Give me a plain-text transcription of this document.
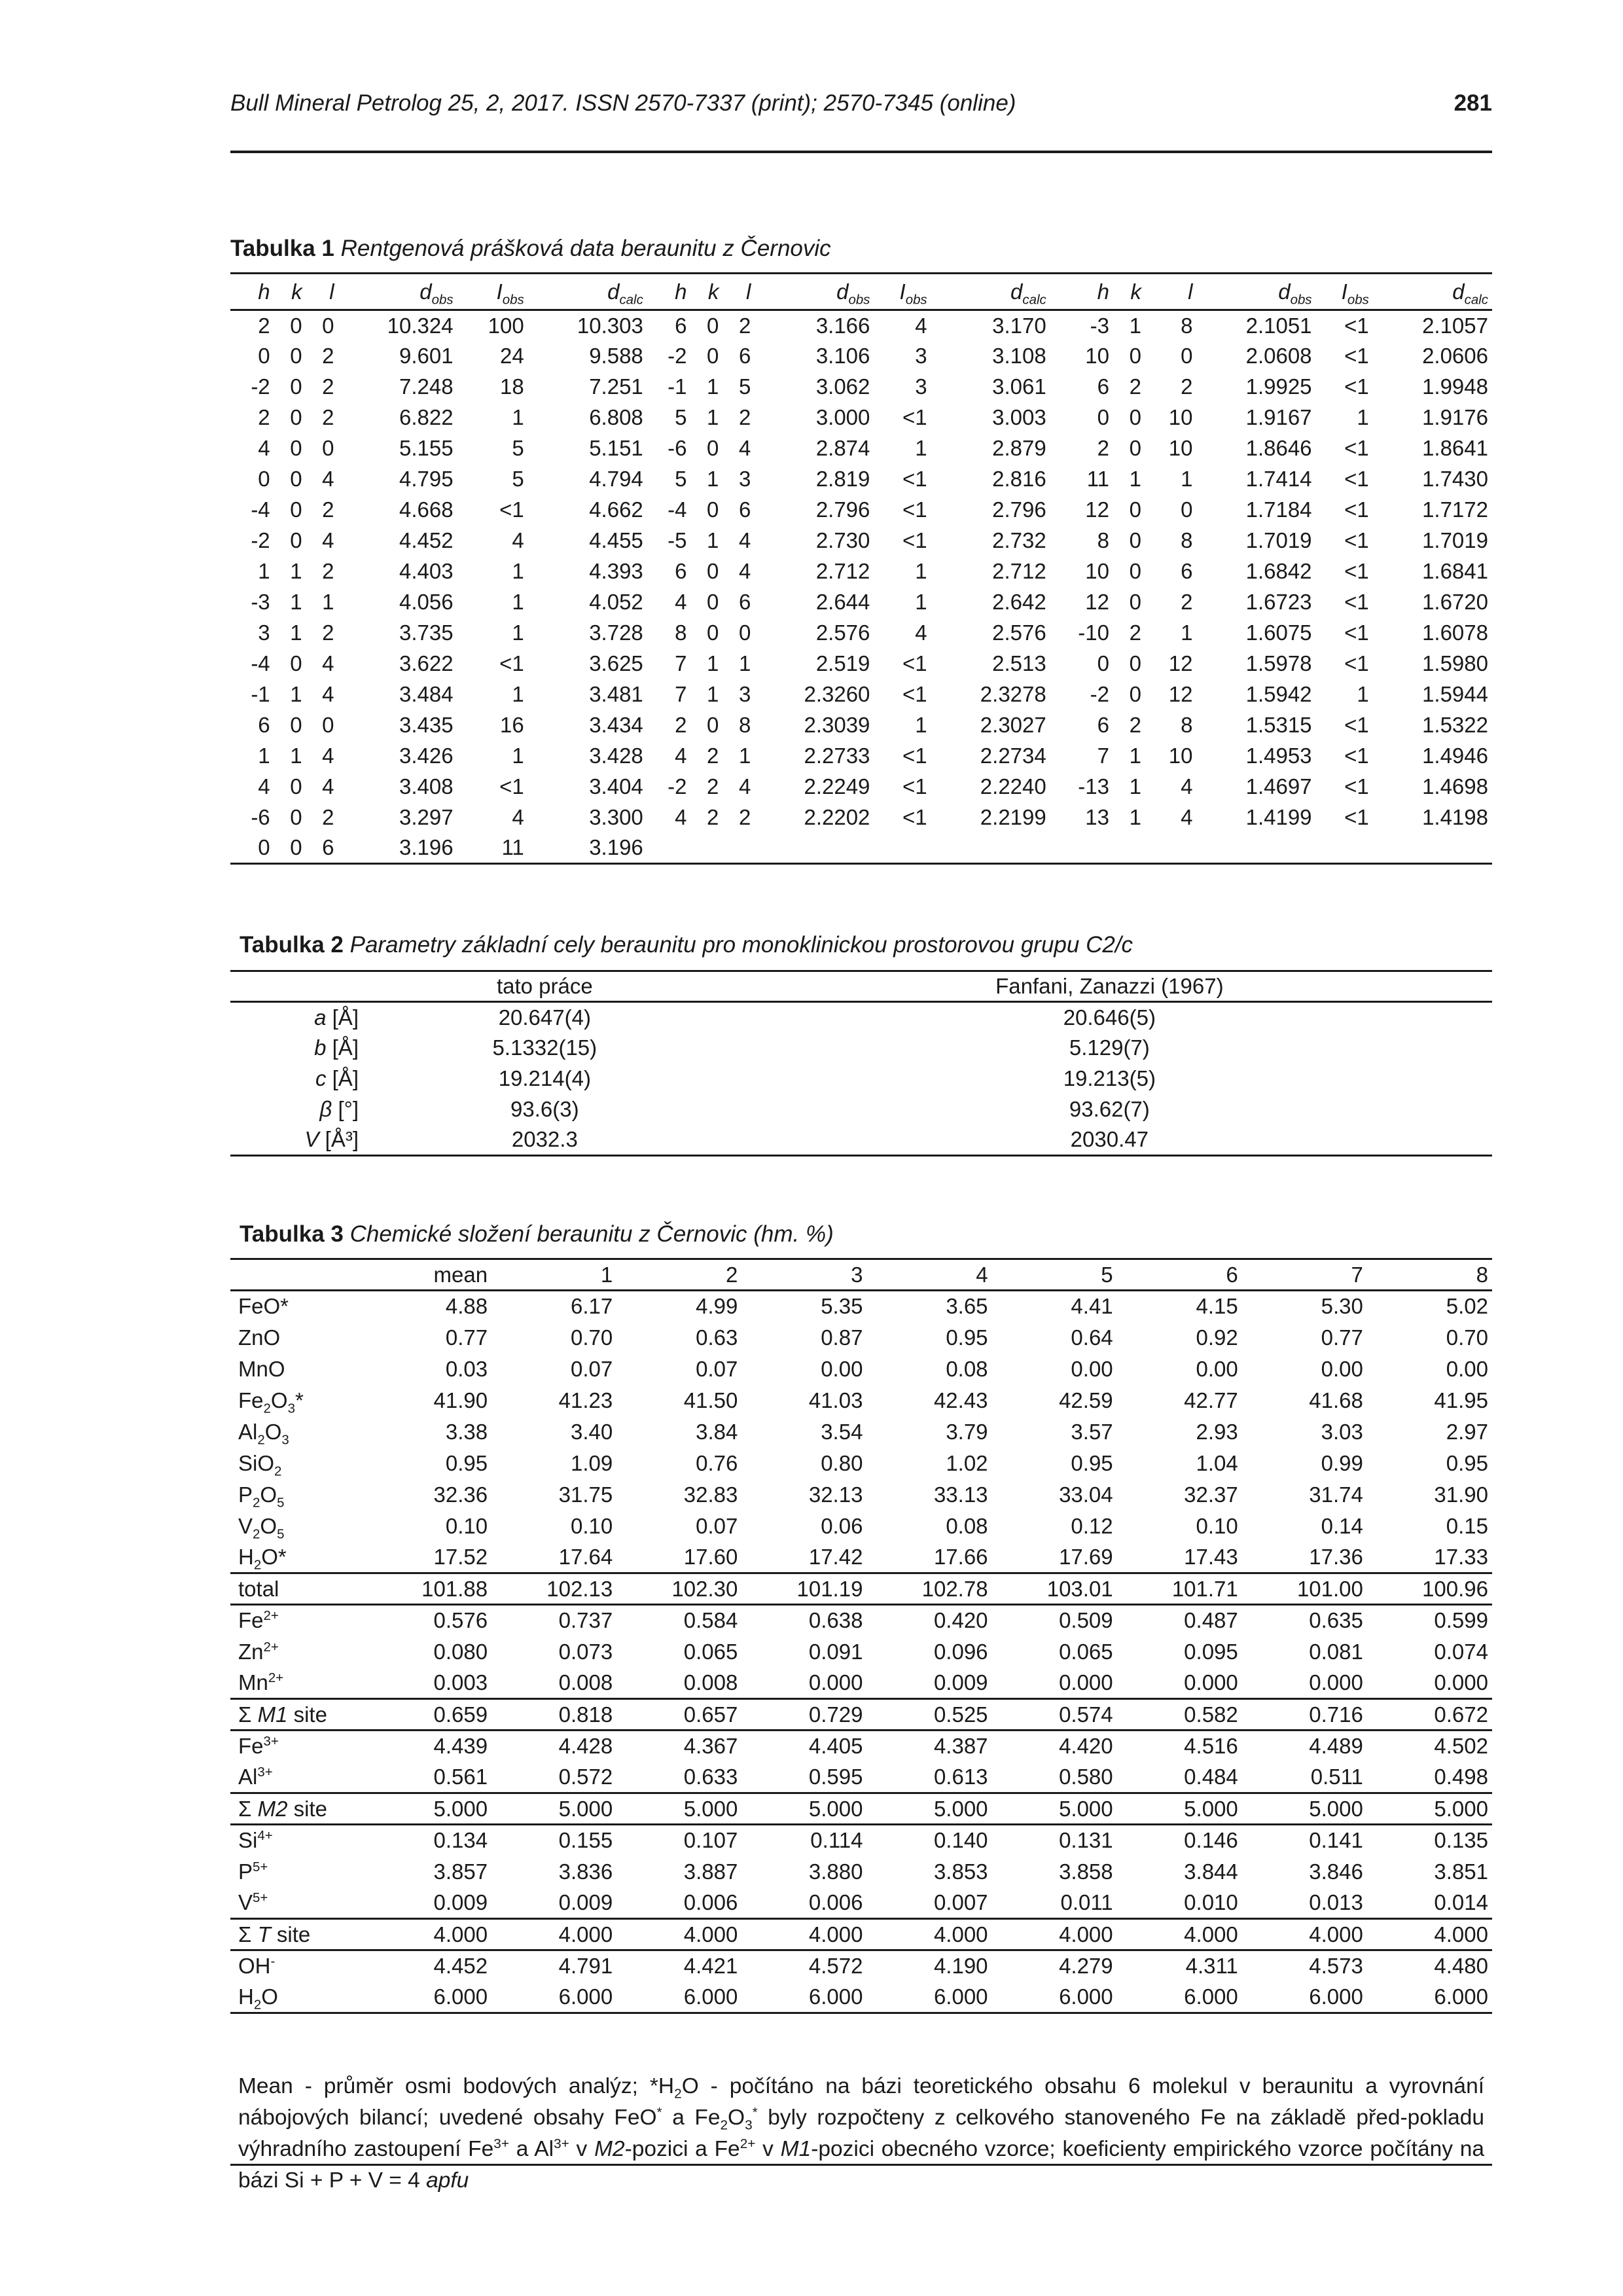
Bull Mineral Petrolog 25, 2, 2017. ISSN 2570-7337 (print); 2570-7345 (online)	281
Tabulka 1 Rentgenová prášková data beraunitu z Černovic
h	k	l	$d_{obs}$	$I_{obs}$	$d_{calc}$	h	k	l	$d_{obs}$	$I_{obs}$	$d_{calc}$	h	k	l	$d_{obs}$	$I_{obs}$	$d_{calc}$
2	0	0	10.324	100	10.303	6	0	2	3.166	4	3.170	-3	1	8	2.1051	<1	2.1057
0	0	2	9.601	24	9.588	-2	0	6	3.106	3	3.108	10	0	0	2.0608	<1	2.0606
-2	0	2	7.248	18	7.251	-1	1	5	3.062	3	3.061	6	2	2	1.9925	<1	1.9948
2	0	2	6.822	1	6.808	5	1	2	3.000	<1	3.003	0	0	10	1.9167	1	1.9176
4	0	0	5.155	5	5.151	-6	0	4	2.874	1	2.879	2	0	10	1.8646	<1	1.8641
0	0	4	4.795	5	4.794	5	1	3	2.819	<1	2.816	11	1	1	1.7414	<1	1.7430
-4	0	2	4.668	<1	4.662	-4	0	6	2.796	<1	2.796	12	0	0	1.7184	<1	1.7172
-2	0	4	4.452	4	4.455	-5	1	4	2.730	<1	2.732	8	0	8	1.7019	<1	1.7019
1	1	2	4.403	1	4.393	6	0	4	2.712	1	2.712	10	0	6	1.6842	<1	1.6841
-3	1	1	4.056	1	4.052	4	0	6	2.644	1	2.642	12	0	2	1.6723	<1	1.6720
3	1	2	3.735	1	3.728	8	0	0	2.576	4	2.576	-10	2	1	1.6075	<1	1.6078
-4	0	4	3.622	<1	3.625	7	1	1	2.519	<1	2.513	0	0	12	1.5978	<1	1.5980
-1	1	4	3.484	1	3.481	7	1	3	2.3260	<1	2.3278	-2	0	12	1.5942	1	1.5944
6	0	0	3.435	16	3.434	2	0	8	2.3039	1	2.3027	6	2	8	1.5315	<1	1.5322
1	1	4	3.426	1	3.428	4	2	1	2.2733	<1	2.2734	7	1	10	1.4953	<1	1.4946
4	0	4	3.408	<1	3.404	-2	2	4	2.2249	<1	2.2240	-13	1	4	1.4697	<1	1.4698
-6	0	2	3.297	4	3.300	4	2	2	2.2202	<1	2.2199	13	1	4	1.4199	<1	1.4198
0	0	6	3.196	11	3.196												
Tabulka 2 Parametry základní cely beraunitu pro monoklinickou prostorovou grupu C2/c
	tato práce	Fanfani, Zanazzi (1967)
a [Å]	20.647(4)	20.646(5)
b [Å]	5.1332(15)	5.129(7)
c [Å]	19.214(4)	19.213(5)
β [°]	93.6(3)	93.62(7)
V [Å³]	2032.3	2030.47
Tabulka 3 Chemické složení beraunitu z Černovic (hm. %)
	mean	1	2	3	4	5	6	7	8
FeO*	4.88	6.17	4.99	5.35	3.65	4.41	4.15	5.30	5.02
ZnO	0.77	0.70	0.63	0.87	0.95	0.64	0.92	0.77	0.70
MnO	0.03	0.07	0.07	0.00	0.08	0.00	0.00	0.00	0.00
$Fe_2O_3*$	41.90	41.23	41.50	41.03	42.43	42.59	42.77	41.68	41.95
$Al_2O_3$	3.38	3.40	3.84	3.54	3.79	3.57	2.93	3.03	2.97
SiO$_2$	0.95	1.09	0.76	0.80	1.02	0.95	1.04	0.99	0.95
$P_2O_5$	32.36	31.75	32.83	32.13	33.13	33.04	32.37	31.74	31.90
$V_2O_5$	0.10	0.10	0.07	0.06	0.08	0.12	0.10	0.14	0.15
$H_2O*$	17.52	17.64	17.60	17.42	17.66	17.69	17.43	17.36	17.33
total	101.88	102.13	102.30	101.19	102.78	103.01	101.71	101.00	100.96
$Fe^{2+}$	0.576	0.737	0.584	0.638	0.420	0.509	0.487	0.635	0.599
$Zn^{2+}$	0.080	0.073	0.065	0.091	0.096	0.065	0.095	0.081	0.074
$Mn^{2+}$	0.003	0.008	0.008	0.000	0.009	0.000	0.000	0.000	0.000
Σ M1 site	0.659	0.818	0.657	0.729	0.525	0.574	0.582	0.716	0.672
$Fe^{3+}$	4.439	4.428	4.367	4.405	4.387	4.420	4.516	4.489	4.502
$Al^{3+}$	0.561	0.572	0.633	0.595	0.613	0.580	0.484	0.511	0.498
Σ M2 site	5.000	5.000	5.000	5.000	5.000	5.000	5.000	5.000	5.000
$Si^{4+}$	0.134	0.155	0.107	0.114	0.140	0.131	0.146	0.141	0.135
$P^{5+}$	3.857	3.836	3.887	3.880	3.853	3.858	3.844	3.846	3.851
$V^{5+}$	0.009	0.009	0.006	0.006	0.007	0.011	0.010	0.013	0.014
Σ T site	4.000	4.000	4.000	4.000	4.000	4.000	4.000	4.000	4.000
OH-	4.452	4.791	4.421	4.572	4.190	4.279	4.311	4.573	4.480
$H_2O$	6.000	6.000	6.000	6.000	6.000	6.000	6.000	6.000	6.000
Mean - průměr osmi bodových analýz; $*H_2O$ - počítáno na bázi teoretického obsahu 6 molekul v beraunitu a vyrovnání nábojových bilancí; uvedené obsahy FeO* a $Fe_2O_3^*$ byly rozpočteny z celkového stanoveného Fe na základě před-pokladu výhradního zastoupení $Fe^{3+}$ a $Al^{3+}$ v M2-pozici a $Fe^{2+}$ v M1-pozici obecného vzorce; koeficienty empirického vzorce počítány na bázi Si + P + V = 4 apfu
